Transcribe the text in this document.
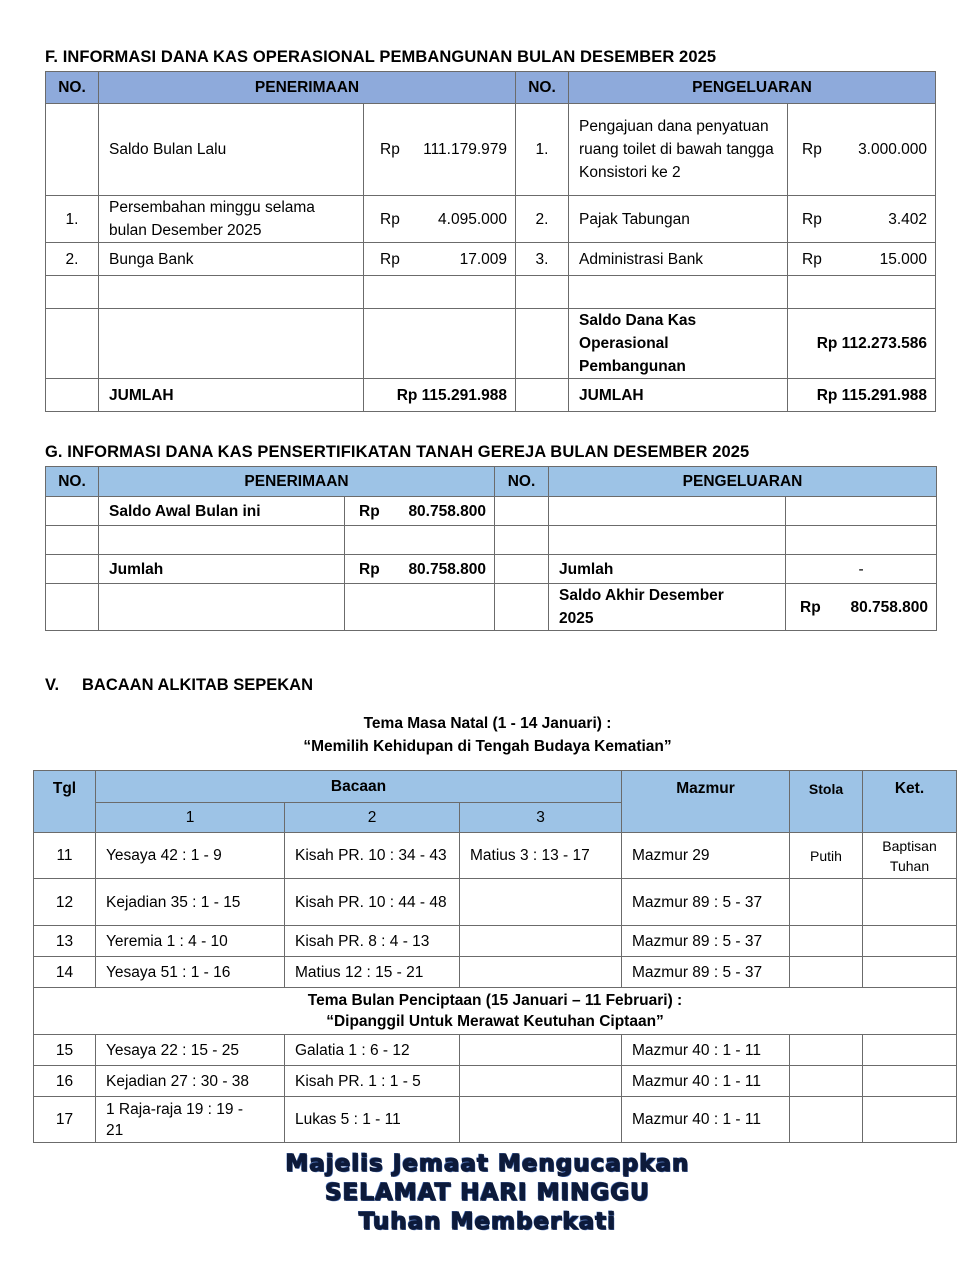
F. INFORMASI DANA KAS OPERASIONAL PEMBANGUNAN BULAN DESEMBER 2025
NO.	PENERIMAAN		NO.	PENGELUARAN	
	Saldo Bulan Lalu	Rp 111.179.979	1.	Pengajuan dana penyatuan ruang toilet di bawah tangga Konsistori ke 2	Rp 3.000.000

1.	Persembahan minggu selama bulan Desember 2025	Rp 4.095.000	2.	Pajak Tabungan	Rp 3.402

2.	Bunga Bank	Rp 17.009	3.	Administrasi Bank	Rp 15.000

				Saldo Dana Kas Operasional Pembangunan	Rp 112.273.586
	JUMLAH	Rp 115.291.988		JUMLAH	Rp 115.291.988
G. INFORMASI DANA KAS PENSERTIFIKATAN TANAH GEREJA BULAN DESEMBER 2025
NO.	PENERIMAAN		NO.	PENGELUARAN	
	Saldo Awal Bulan ini	Rp 80.758.800			

	Jumlah	Rp 80.758.800		Jumlah	-
				Saldo Akhir Desember 2025	Rp 80.758.800
V. BACAAN ALKITAB SEPEKAN
Tema Masa Natal (1 - 14 Januari) :
“Memilih Kehidupan di Tengah Budaya Kematian”
Tgl	Bacaan			Mazmur	Stola	Ket.
	1	2	3			
11	Yesaya 42 : 1 - 9	Kisah PR. 10 : 34 - 43	Matius 3 : 13 - 17	Mazmur 29	Putih	Baptisan Tuhan
12	Kejadian 35 : 1 - 15	Kisah PR. 10 : 44 - 48		Mazmur 89 : 5 - 37		
13	Yeremia 1 : 4 - 10	Kisah PR. 8 : 4 - 13		Mazmur 89 : 5 - 37		
14	Yesaya 51 : 1 - 16	Matius 12 : 15 - 21		Mazmur 89 : 5 - 37		

Tema Bulan Penciptaan (15 Januari – 11 Februari) :
“Dipanggil Untuk Merawat Keutuhan Ciptaan”						

15	Yesaya 22 : 15 - 25	Galatia 1 : 6 - 12		Mazmur 40 : 1 - 11		
16	Kejadian 27 : 30 - 38	Kisah PR. 1 : 1 - 5		Mazmur 40 : 1 - 11		
17	1 Raja-raja 19 : 19 - 21	Lukas 5 : 1 - 11		Mazmur 40 : 1 - 11		
Majelis Jemaat Mengucapkan
SELAMAT HARI MINGGU
Tuhan Memberkati
